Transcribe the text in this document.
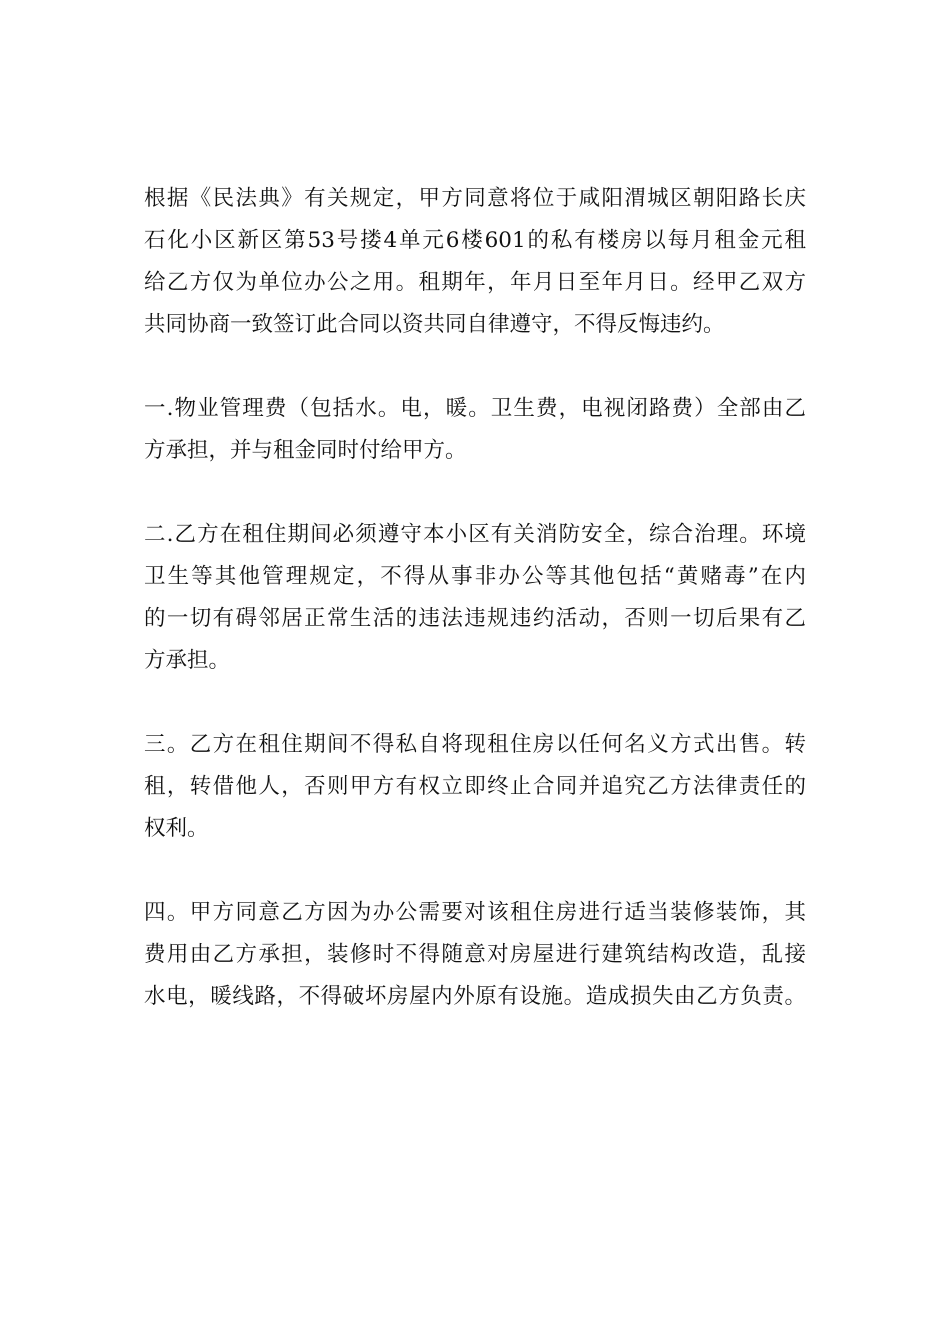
根据《民法典》有关规定，甲方同意将位于咸阳渭城区朝阳路长庆
石化小区新区第53号搂4单元6楼601的私有楼房以每月租金元租
给乙方仅为单位办公之用。租期年，年月日至年月日。经甲乙双方
共同协商一致签订此合同以资共同自律遵守，不得反悔违约。
一.物业管理费（包括水。电，暖。卫生费，电视闭路费）全部由乙
方承担，并与租金同时付给甲方。
二.乙方在租住期间必须遵守本小区有关消防安全，综合治理。环境
卫生等其他管理规定，不得从事非办公等其他包括“黄赌毒”在内
的一切有碍邻居正常生活的违法违规违约活动，否则一切后果有乙
方承担。
三。乙方在租住期间不得私自将现租住房以任何名义方式出售。转
租，转借他人，否则甲方有权立即终止合同并追究乙方法律责任的
权利。
四。甲方同意乙方因为办公需要对该租住房进行适当装修装饰，其
费用由乙方承担，装修时不得随意对房屋进行建筑结构改造，乱接
水电，暖线路，不得破坏房屋内外原有设施。造成损失由乙方负责。
